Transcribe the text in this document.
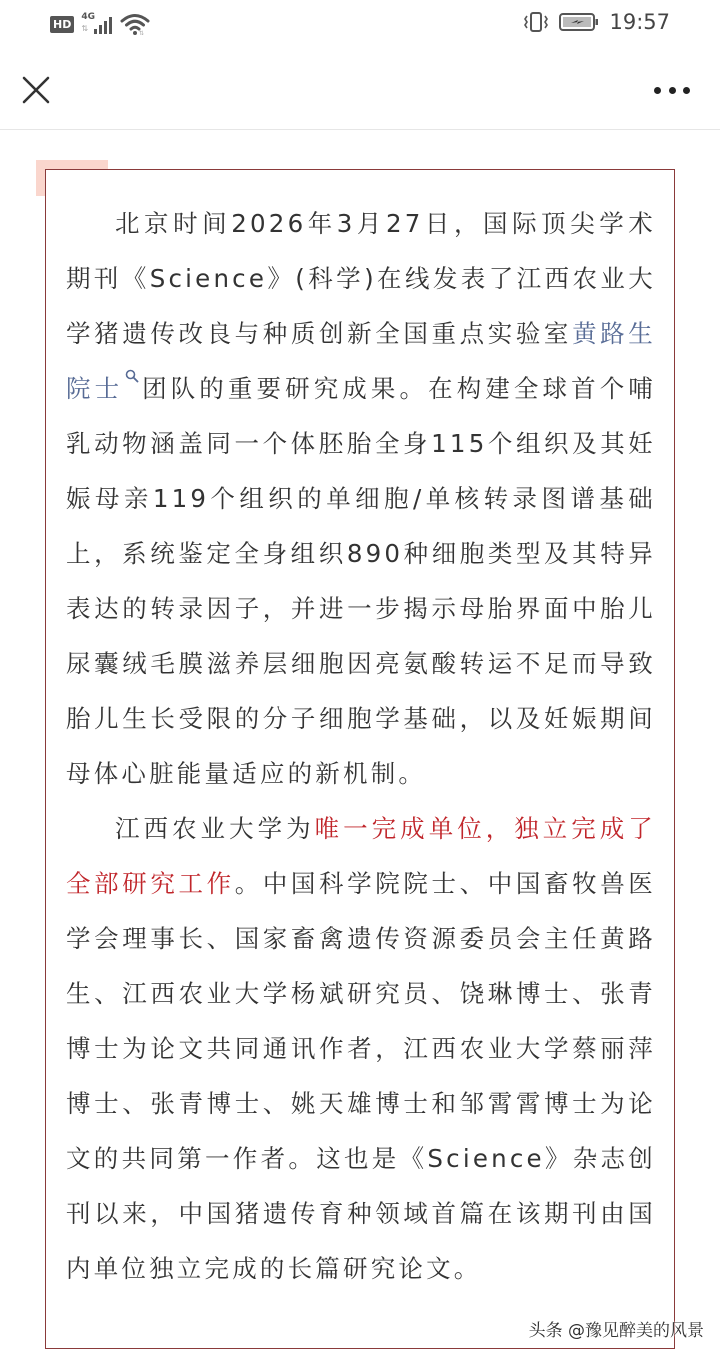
HD
4G
⇅
⇅	19:57

北京时间2026年3月27日，国际顶尖学术期刊《Science》(科学)在线发表了江西农业大学猪遗传改良与种质创新全国重点实验室黄路生院士 团队的重要研究成果。在构建全球首个哺乳动物涵盖同一个体胚胎全身115个组织及其妊娠母亲119个组织的单细胞/单核转录图谱基础上，系统鉴定全身组织890种细胞类型及其特异表达的转录因子，并进一步揭示母胎界面中胎儿尿囊绒毛膜滋养层细胞因亮氨酸转运不足而导致胎儿生长受限的分子细胞学基础，以及妊娠期间母体心脏能量适应的新机制。

江西农业大学为唯一完成单位，独立完成了全部研究工作。中国科学院院士、中国畜牧兽医学会理事长、国家畜禽遗传资源委员会主任黄路生、江西农业大学杨斌研究员、饶琳博士、张青博士为论文共同通讯作者，江西农业大学蔡丽萍博士、张青博士、姚天雄博士和邹霄霄博士为论文的共同第一作者。这也是《Science》杂志创刊以来，中国猪遗传育种领域首篇在该期刊由国内单位独立完成的长篇研究论文。

头条 @豫见醉美的风景
